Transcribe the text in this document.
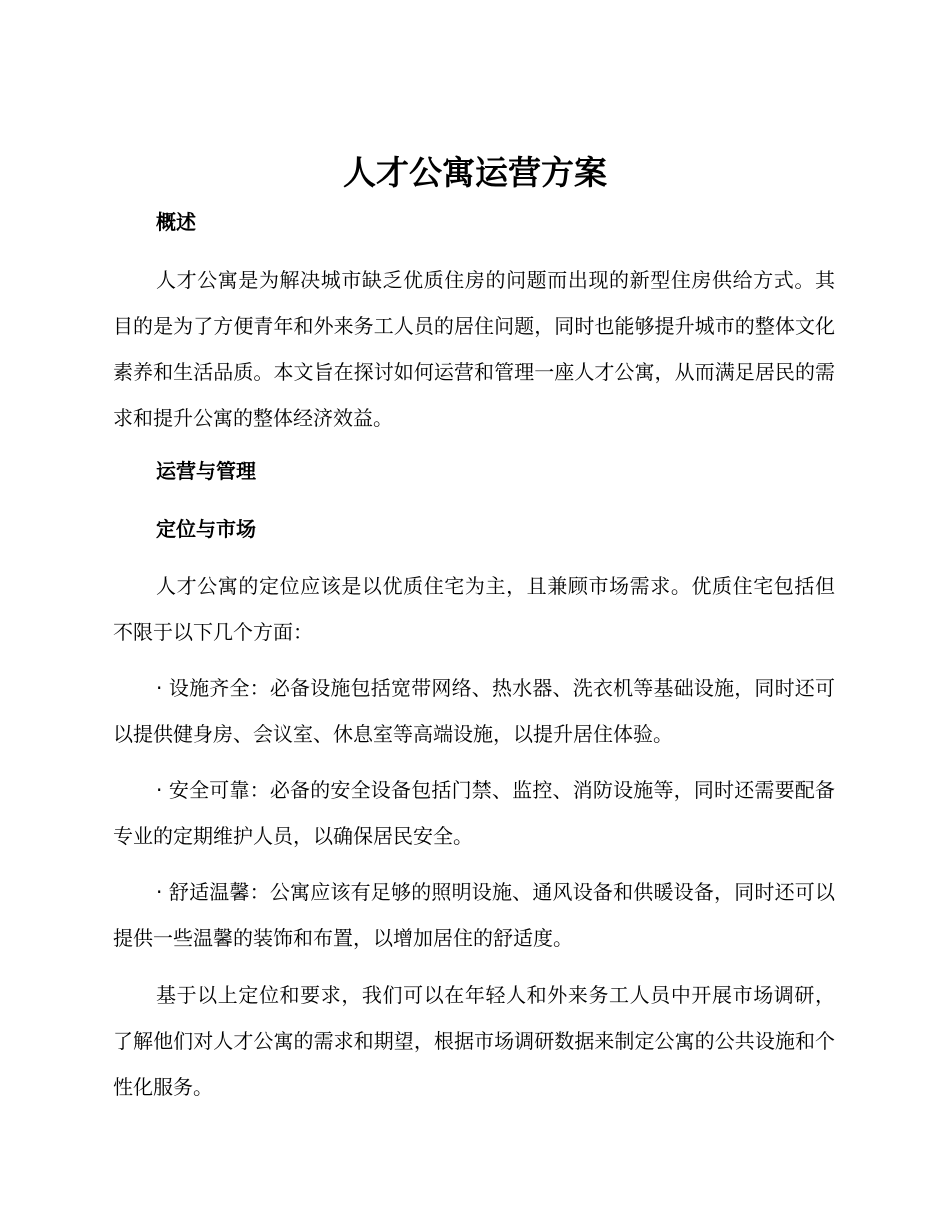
人才公寓运营方案
概述

人才公寓是为解决城市缺乏优质住房的问题而出现的新型住房供给方式。其目的是为了方便青年和外来务工人员的居住问题，同时也能够提升城市的整体文化素养和生活品质。本文旨在探讨如何运营和管理一座人才公寓，从而满足居民的需求和提升公寓的整体经济效益。

运营与管理
定位与市场

人才公寓的定位应该是以优质住宅为主，且兼顾市场需求。优质住宅包括但不限于以下几个方面：

· 设施齐全：必备设施包括宽带网络、热水器、洗衣机等基础设施，同时还可以提供健身房、会议室、休息室等高端设施，以提升居住体验。

· 安全可靠：必备的安全设备包括门禁、监控、消防设施等，同时还需要配备专业的定期维护人员，以确保居民安全。

· 舒适温馨：公寓应该有足够的照明设施、通风设备和供暖设备，同时还可以提供一些温馨的装饰和布置，以增加居住的舒适度。

基于以上定位和要求，我们可以在年轻人和外来务工人员中开展市场调研，了解他们对人才公寓的需求和期望，根据市场调研数据来制定公寓的公共设施和个性化服务。
